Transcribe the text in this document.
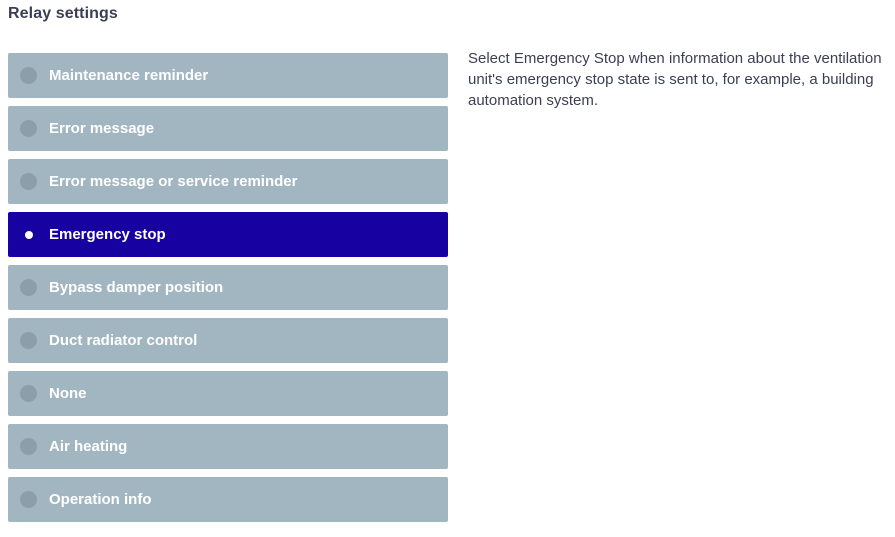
Relay settings
Maintenance reminder
Error message
Error message or service reminder
Emergency stop
Bypass damper position
Duct radiator control
None
Air heating
Operation info
Select Emergency Stop when information about the ventilation unit's emergency stop state is sent to, for example, a building automation system.
